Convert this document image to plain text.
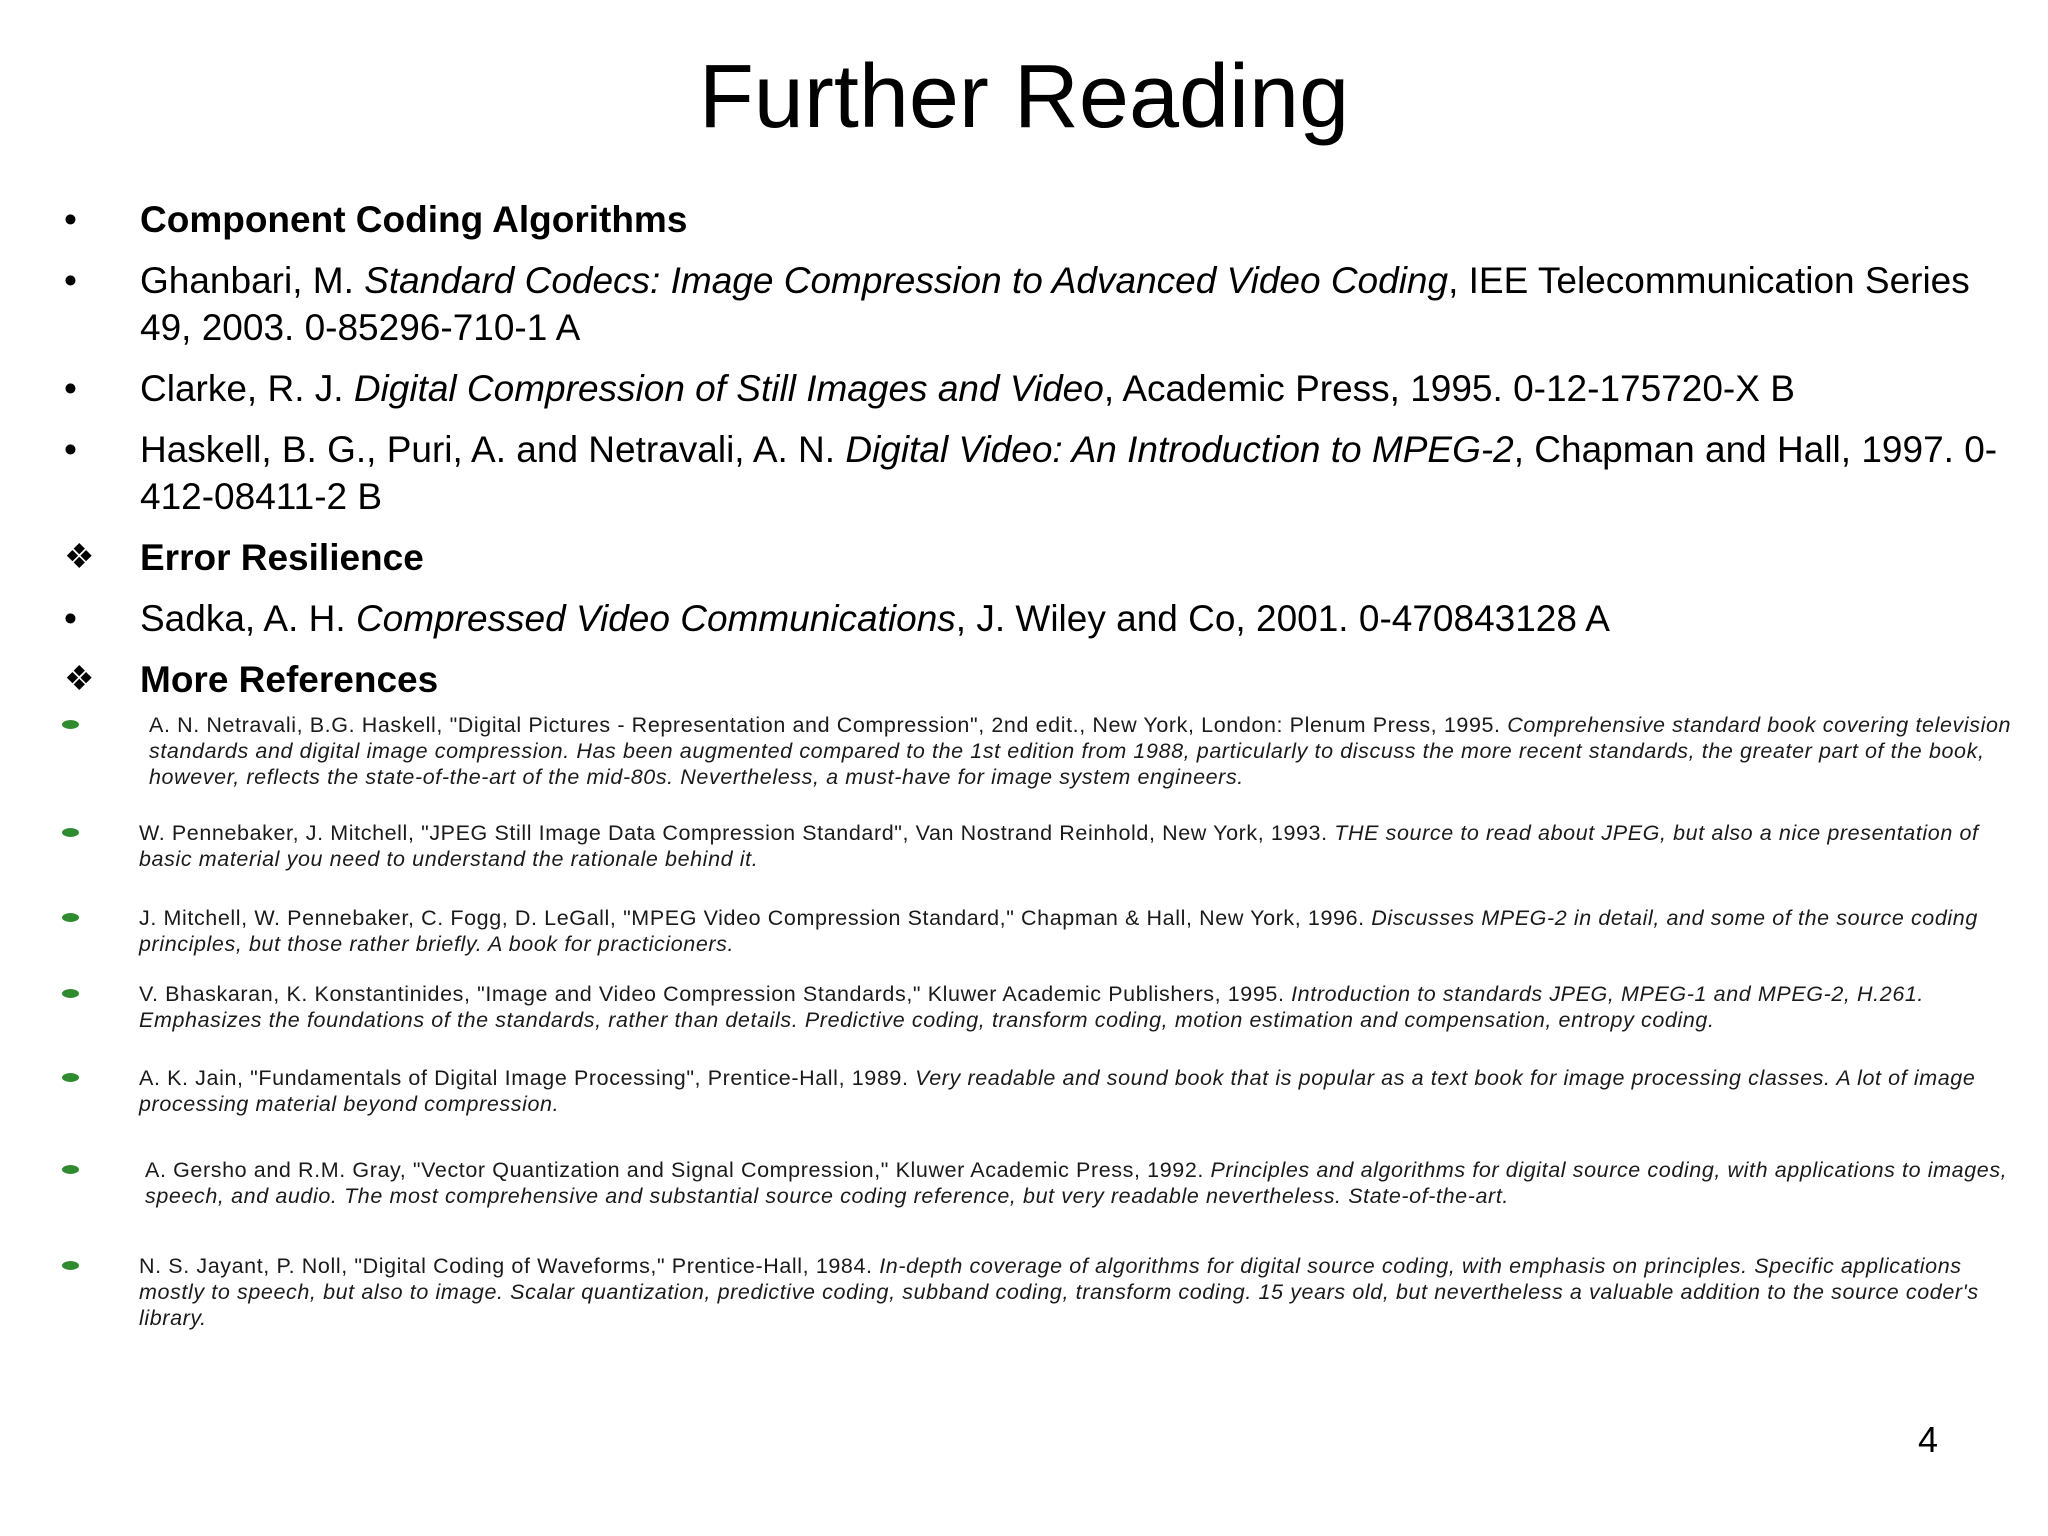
Further Reading
•	Component Coding Algorithms
•	Ghanbari, M. Standard Codecs: Image Compression to Advanced Video Coding, IEE Telecommunication Series 49, 2003. 0-85296-710-1 A
•	Clarke, R. J. Digital Compression of Still Images and Video, Academic Press, 1995. 0-12-175720-X B
•	Haskell, B. G., Puri, A. and Netravali, A. N. Digital Video: An Introduction to MPEG-2, Chapman and Hall, 1997. 0-412-08411-2 B
❖	Error Resilience
•	Sadka, A. H. Compressed Video Communications, J. Wiley and Co, 2001. 0-470843128 A
❖	More References
A. N. Netravali, B.G. Haskell, "Digital Pictures - Representation and Compression", 2nd edit., New York, London: Plenum Press, 1995. Comprehensive standard book covering television standards and digital image compression. Has been augmented compared to the 1st edition from 1988, particularly to discuss the more recent standards, the greater part of the book, however, reflects the state-of-the-art of the mid-80s. Nevertheless, a must-have for image system engineers.
W. Pennebaker, J. Mitchell, "JPEG Still Image Data Compression Standard", Van Nostrand Reinhold, New York, 1993. THE source to read about JPEG, but also a nice presentation of basic material you need to understand the rationale behind it.
J. Mitchell, W. Pennebaker, C. Fogg, D. LeGall, "MPEG Video Compression Standard," Chapman & Hall, New York, 1996. Discusses MPEG-2 in detail, and some of the source coding principles, but those rather briefly. A book for practicioners.
V. Bhaskaran, K. Konstantinides, "Image and Video Compression Standards," Kluwer Academic Publishers, 1995. Introduction to standards JPEG, MPEG-1 and MPEG-2, H.261. Emphasizes the foundations of the standards, rather than details. Predictive coding, transform coding, motion estimation and compensation, entropy coding.
A. K. Jain, "Fundamentals of Digital Image Processing", Prentice-Hall, 1989. Very readable and sound book that is popular as a text book for image processing classes. A lot of image processing material beyond compression.
A. Gersho and R.M. Gray, "Vector Quantization and Signal Compression," Kluwer Academic Press, 1992. Principles and algorithms for digital source coding, with applications to images, speech, and audio. The most comprehensive and substantial source coding reference, but very readable nevertheless. State-of-the-art.
N. S. Jayant, P. Noll, "Digital Coding of Waveforms," Prentice-Hall, 1984. In-depth coverage of algorithms for digital source coding, with emphasis on principles. Specific applications mostly to speech, but also to image. Scalar quantization, predictive coding, subband coding, transform coding. 15 years old, but nevertheless a valuable addition to the source coder's library.
4
